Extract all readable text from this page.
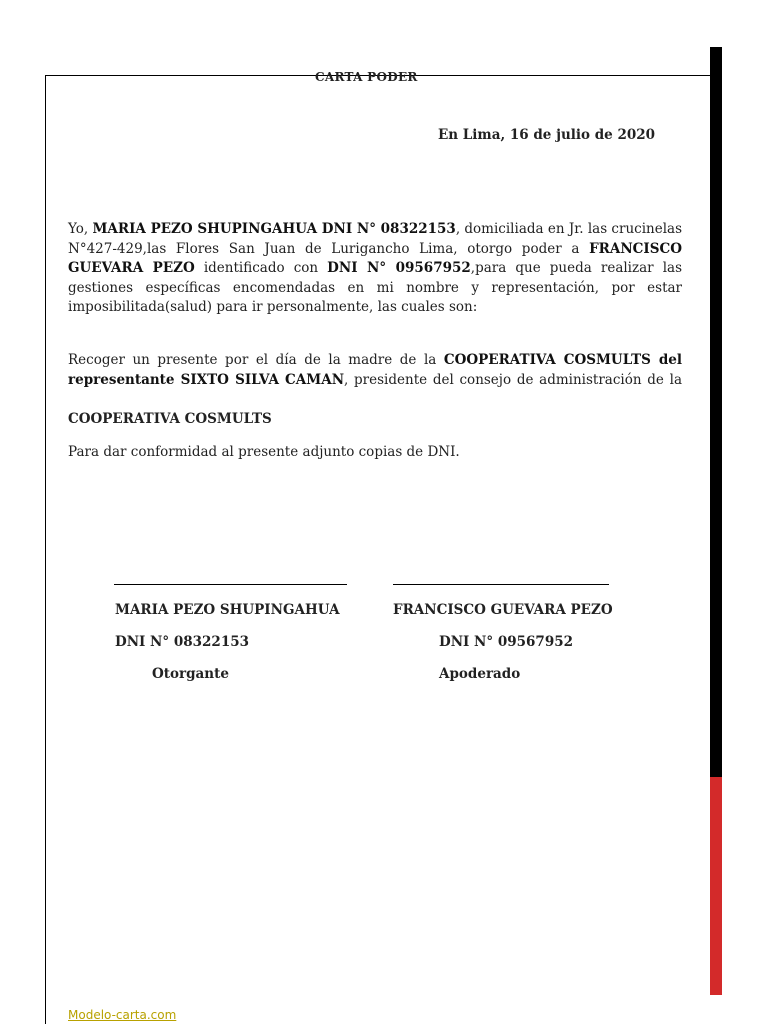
CARTA PODER
En Lima, 16 de julio de 2020
Yo, MARIA PEZO SHUPINGAHUA DNI N° 08322153, domiciliada en Jr. las crucinelas N°427-429,las Flores San Juan de Lurigancho Lima, otorgo poder a FRANCISCO GUEVARA PEZO identificado con DNI N° 09567952,para que pueda realizar las gestiones específicas encomendadas en mi nombre y representación, por estar imposibilitada(salud) para ir personalmente, las cuales son:
Recoger un presente por el día de la madre de la COOPERATIVA COSMULTS del representante SIXTO SILVA CAMAN, presidente del consejo de administración de la
COOPERATIVA COSMULTS
Para dar conformidad al presente adjunto copias de DNI.
MARIA PEZO SHUPINGAHUA
DNI N° 08322153
Otorgante
FRANCISCO GUEVARA PEZO
DNI N° 09567952
Apoderado
Modelo-carta.com
